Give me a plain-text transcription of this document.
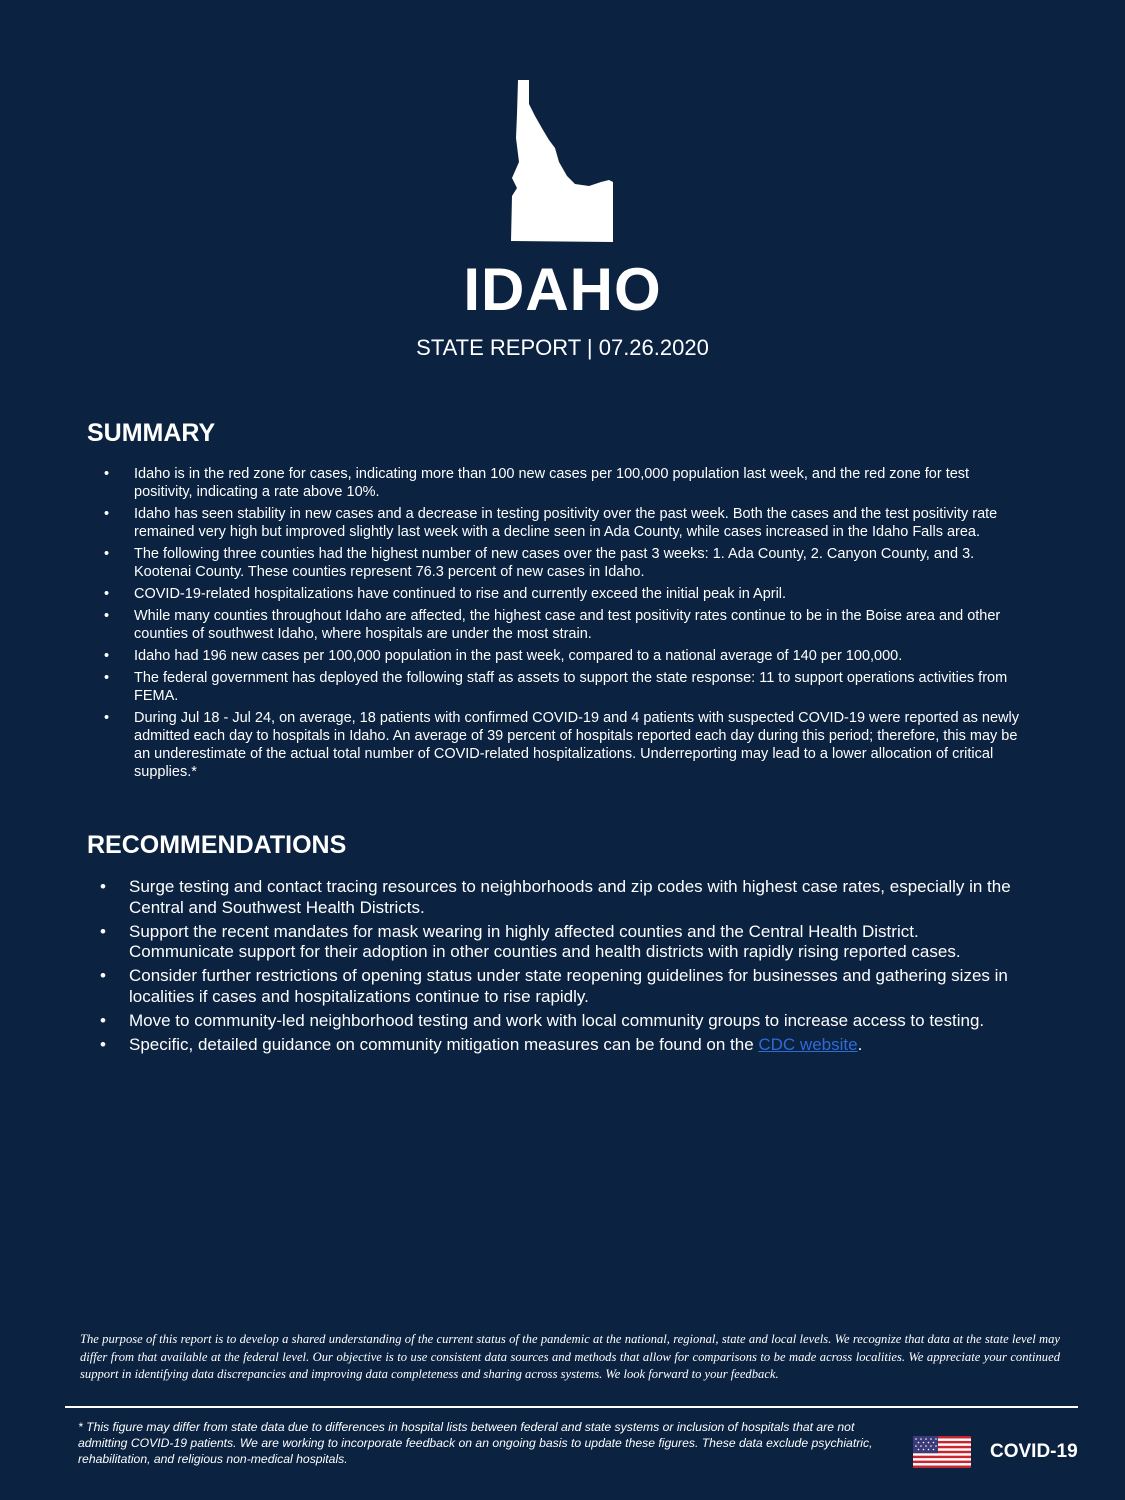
IDAHO

STATE REPORT | 07.26.2020

SUMMARY
• Idaho is in the red zone for cases, indicating more than 100 new cases per 100,000 population last week, and the red zone for test positivity, indicating a rate above 10%.
• Idaho has seen stability in new cases and a decrease in testing positivity over the past week. Both the cases and the test positivity rate remained very high but improved slightly last week with a decline seen in Ada County, while cases increased in the Idaho Falls area.
• The following three counties had the highest number of new cases over the past 3 weeks: 1. Ada County, 2. Canyon County, and 3. Kootenai County. These counties represent 76.3 percent of new cases in Idaho.
• COVID-19-related hospitalizations have continued to rise and currently exceed the initial peak in April.
• While many counties throughout Idaho are affected, the highest case and test positivity rates continue to be in the Boise area and other counties of southwest Idaho, where hospitals are under the most strain.
• Idaho had 196 new cases per 100,000 population in the past week, compared to a national average of 140 per 100,000.
• The federal government has deployed the following staff as assets to support the state response: 11 to support operations activities from FEMA.
• During Jul 18 - Jul 24, on average, 18 patients with confirmed COVID-19 and 4 patients with suspected COVID-19 were reported as newly admitted each day to hospitals in Idaho. An average of 39 percent of hospitals reported each day during this period; therefore, this may be an underestimate of the actual total number of COVID-related hospitalizations. Underreporting may lead to a lower allocation of critical supplies.*
RECOMMENDATIONS
• Surge testing and contact tracing resources to neighborhoods and zip codes with highest case rates, especially in the Central and Southwest Health Districts.
• Support the recent mandates for mask wearing in highly affected counties and the Central Health District. Communicate support for their adoption in other counties and health districts with rapidly rising reported cases.
• Consider further restrictions of opening status under state reopening guidelines for businesses and gathering sizes in localities if cases and hospitalizations continue to rise rapidly.
• Move to community-led neighborhood testing and work with local community groups to increase access to testing.
• Specific, detailed guidance on community mitigation measures can be found on the CDC website.

The purpose of this report is to develop a shared understanding of the current status of the pandemic at the national, regional, state and local levels. We recognize that data at the state level may differ from that available at the federal level. Our objective is to use consistent data sources and methods that allow for comparisons to be made across localities. We appreciate your continued support in identifying data discrepancies and improving data completeness and sharing across systems. We look forward to your feedback.

* This figure may differ from state data due to differences in hospital lists between federal and state systems or inclusion of hospitals that are not admitting COVID-19 patients. We are working to incorporate feedback on an ongoing basis to update these figures. These data exclude psychiatric, rehabilitation, and religious non-medical hospitals.	COVID-19
